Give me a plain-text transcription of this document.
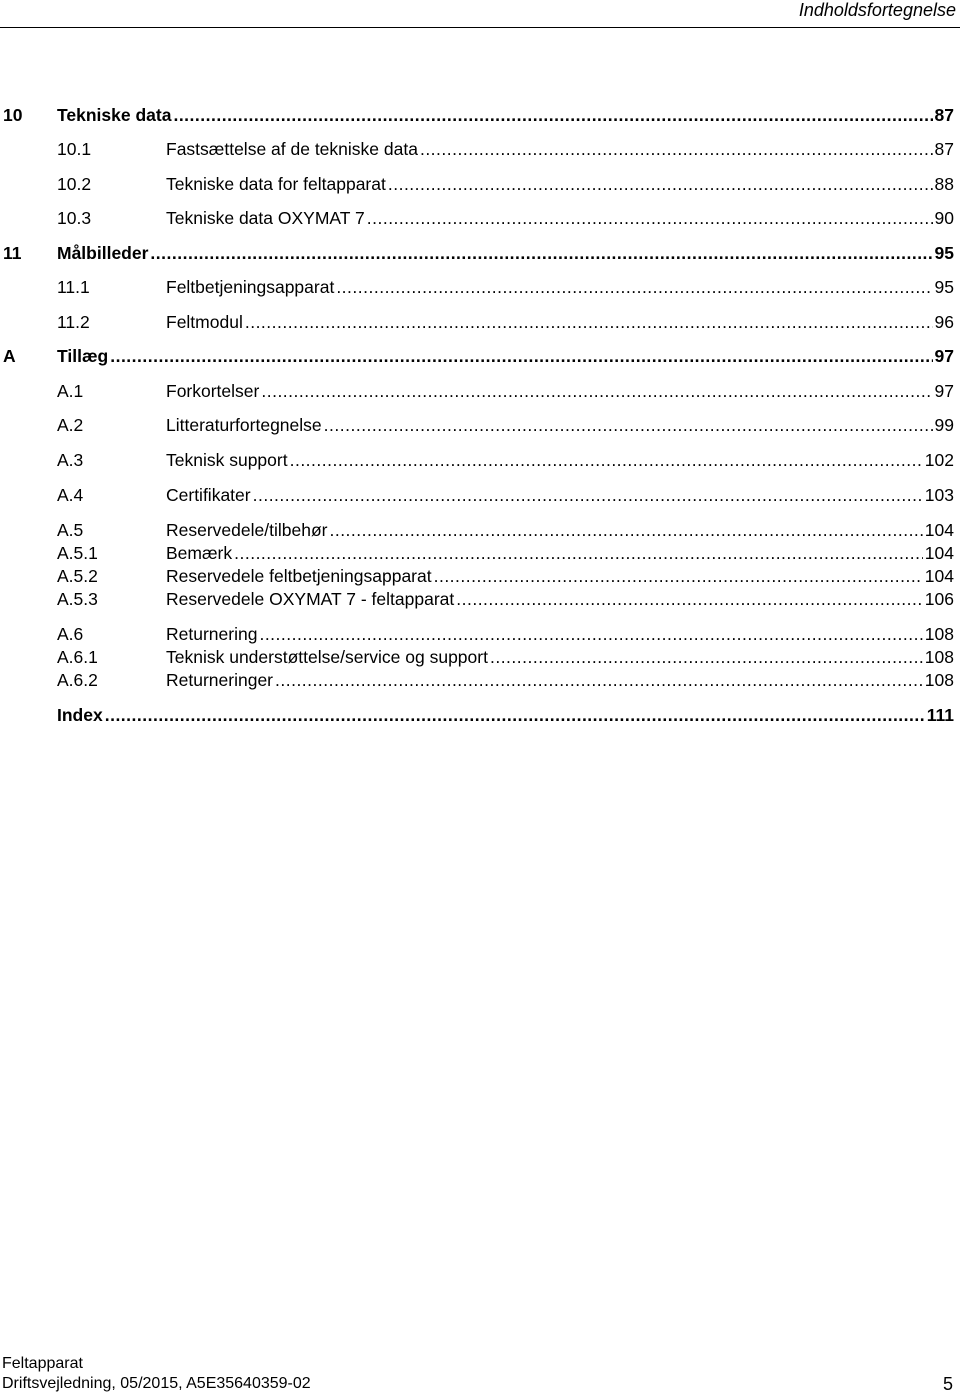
Indholdsfortegnelse
10 Tekniske data .....	87
10.1	Fastsættelse af de tekniske data .....	87
10.2	Tekniske data for feltapparat .....	88
10.3	Tekniske data OXYMAT 7 .....	90
11 Målbilleder .....	95
11.1	Feltbetjeningsapparat .....	95
11.2	Feltmodul .....	96
A Tillæg .....	97
A.1	Forkortelser .....	97
A.2	Litteraturfortegnelse .....	99
A.3	Teknisk support .....	102
A.4	Certifikater .....	103
A.5	Reservedele/tilbehør .....	104
A.5.1	Bemærk .....	104
A.5.2	Reservedele feltbetjeningsapparat .....	104
A.5.3	Reservedele OXYMAT 7 - feltapparat .....	106
A.6	Returnering .....	108
A.6.1	Teknisk understøttelse/service og support .....	108
A.6.2	Returneringer .....	108
Index .....	111
Feltapparat
Driftsvejledning, 05/2015, A5E35640359-02	5
